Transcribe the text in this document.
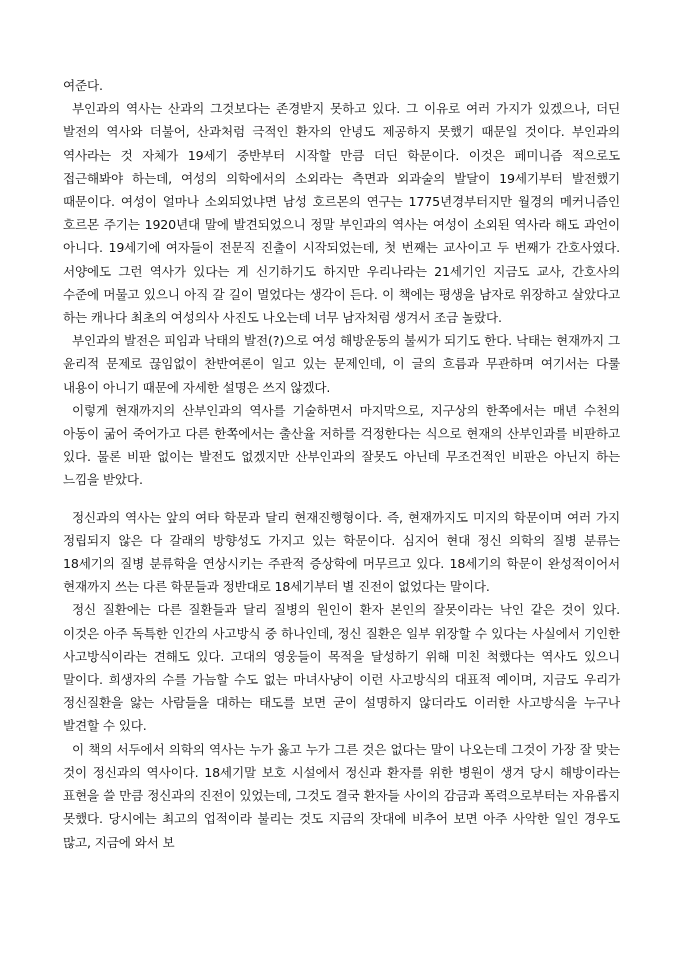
여준다.

부인과의 역사는 산과의 그것보다는 존경받지 못하고 있다. 그 이유로 여러 가지가 있겠으나, 더딘 발전의 역사와 더불어, 산과처럼 극적인 환자의 안녕도 제공하지 못했기 때문일 것이다. 부인과의 역사라는 것 자체가 19세기 중반부터 시작할 만큼 더딘 학문이다. 이것은 페미니즘 적으로도 접근해봐야 하는데, 여성의 의학에서의 소외라는 측면과 외과술의 발달이 19세기부터 발전했기 때문이다. 여성이 얼마나 소외되었냐면 남성 호르몬의 연구는 1775년경부터지만 월경의 메커니즘인 호르몬 주기는 1920년대 말에 발견되었으니 정말 부인과의 역사는 여성이 소외된 역사라 해도 과언이 아니다. 19세기에 여자들이 전문직 진출이 시작되었는데, 첫 번째는 교사이고 두 번째가 간호사였다. 서양에도 그런 역사가 있다는 게 신기하기도 하지만 우리나라는 21세기인 지금도 교사, 간호사의 수준에 머물고 있으니 아직 갈 길이 멀었다는 생각이 든다. 이 책에는 평생을 남자로 위장하고 살았다고 하는 캐나다 최초의 여성의사 사진도 나오는데 너무 남자처럼 생겨서 조금 놀랐다.

부인과의 발전은 피임과 낙태의 발전(?)으로 여성 해방운동의 불씨가 되기도 한다. 낙태는 현재까지 그 윤리적 문제로 끊임없이 찬반여론이 일고 있는 문제인데, 이 글의 흐름과 무관하며 여기서는 다룰 내용이 아니기 때문에 자세한 설명은 쓰지 않겠다.

이렇게 현재까지의 산부인과의 역사를 기술하면서 마지막으로, 지구상의 한쪽에서는 매년 수천의 아동이 굶어 죽어가고 다른 한쪽에서는 출산율 저하를 걱정한다는 식으로 현재의 산부인과를 비판하고 있다. 물론 비판 없이는 발전도 없겠지만 산부인과의 잘못도 아닌데 무조건적인 비판은 아닌지 하는 느낌을 받았다.

정신과의 역사는 앞의 여타 학문과 달리 현재진행형이다. 즉, 현재까지도 미지의 학문이며 여러 가지 정립되지 않은 다 갈래의 방향성도 가지고 있는 학문이다. 심지어 현대 정신 의학의 질병 분류는 18세기의 질병 분류학을 연상시키는 주관적 증상학에 머무르고 있다. 18세기의 학문이 완성적이어서 현재까지 쓰는 다른 학문들과 정반대로 18세기부터 별 진전이 없었다는 말이다.

정신 질환에는 다른 질환들과 달리 질병의 원인이 환자 본인의 잘못이라는 낙인 같은 것이 있다. 이것은 아주 독특한 인간의 사고방식 중 하나인데, 정신 질환은 일부 위장할 수 있다는 사실에서 기인한 사고방식이라는 견해도 있다. 고대의 영웅들이 목적을 달성하기 위해 미친 척했다는 역사도 있으니 말이다. 희생자의 수를 가늠할 수도 없는 마녀사냥이 이런 사고방식의 대표적 예이며, 지금도 우리가 정신질환을 앓는 사람들을 대하는 태도를 보면 굳이 설명하지 않더라도 이러한 사고방식을 누구나 발견할 수 있다.

이 책의 서두에서 의학의 역사는 누가 옳고 누가 그른 것은 없다는 말이 나오는데 그것이 가장 잘 맞는 것이 정신과의 역사이다. 18세기말 보호 시설에서 정신과 환자를 위한 병원이 생겨 당시 해방이라는 표현을 쓸 만큼 정신과의 진전이 있었는데, 그것도 결국 환자들 사이의 감금과 폭력으로부터는 자유롭지 못했다. 당시에는 최고의 업적이라 불리는 것도 지금의 잣대에 비추어 보면 아주 사악한 일인 경우도 많고, 지금에 와서 보
